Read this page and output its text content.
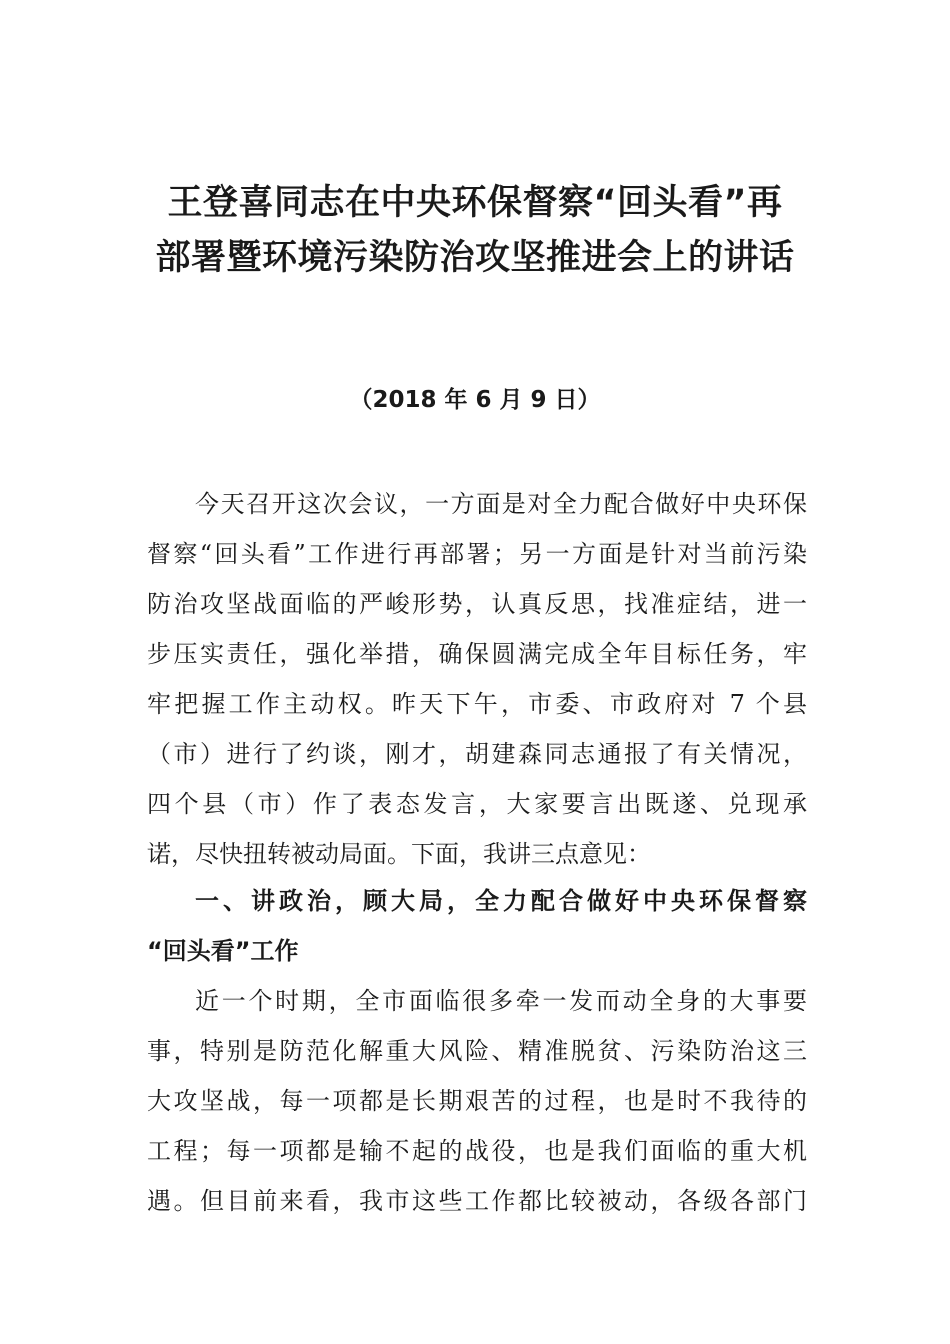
王登喜同志在中央环保督察“回头看”再
部署暨环境污染防治攻坚推进会上的讲话
（2018 年 6 月 9 日）
今天召开这次会议，一方面是对全力配合做好中央环保
督察“回头看”工作进行再部署；另一方面是针对当前污染
防治攻坚战面临的严峻形势，认真反思，找准症结，进一
步压实责任，强化举措，确保圆满完成全年目标任务，牢
牢把握工作主动权。昨天下午，市委、市政府对 7 个县
（市）进行了约谈，刚才，胡建森同志通报了有关情况，
四个县（市）作了表态发言，大家要言出既遂、兑现承
诺，尽快扭转被动局面。下面，我讲三点意见：
一、讲政治，顾大局，全力配合做好中央环保督察
“回头看”工作
近一个时期，全市面临很多牵一发而动全身的大事要
事，特别是防范化解重大风险、精准脱贫、污染防治这三
大攻坚战，每一项都是长期艰苦的过程，也是时不我待的
工程；每一项都是输不起的战役，也是我们面临的重大机
遇。但目前来看，我市这些工作都比较被动，各级各部门
